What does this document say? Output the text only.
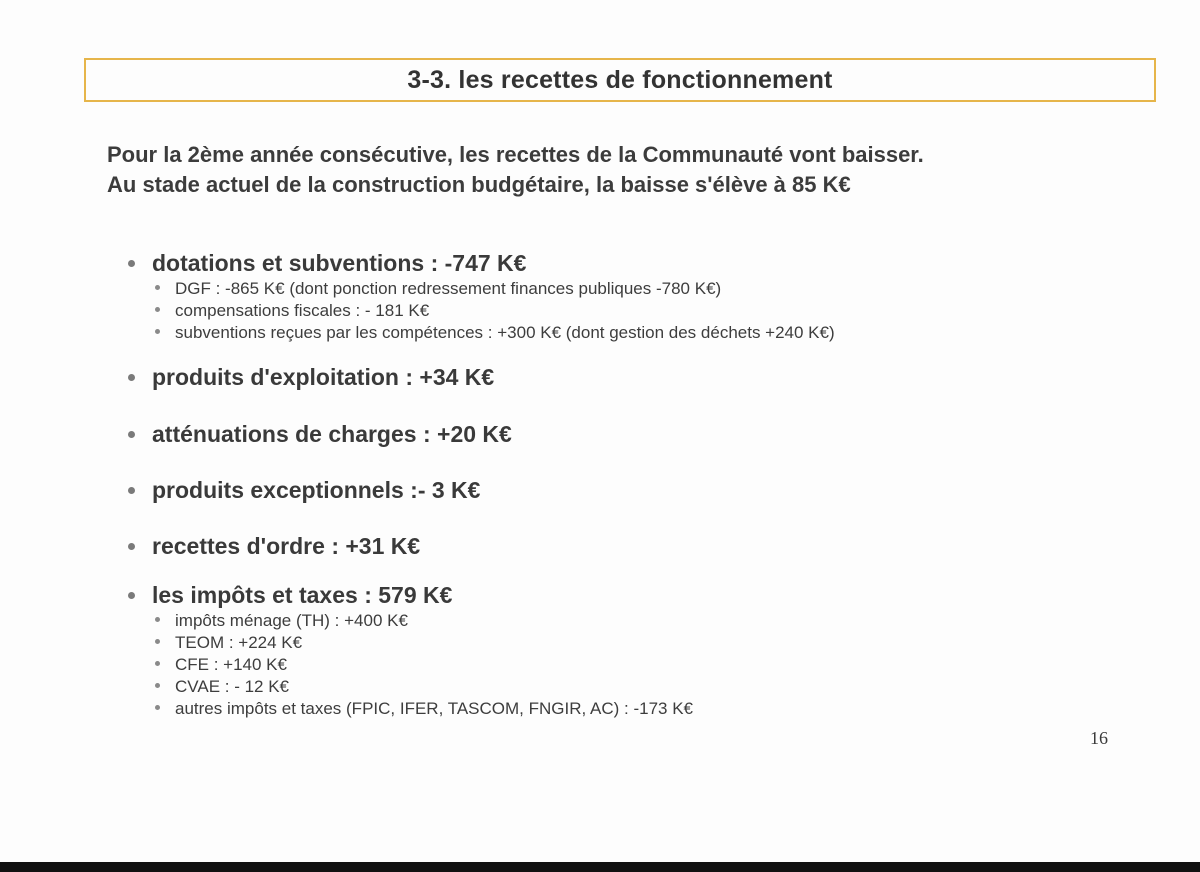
3-3. les recettes de fonctionnement
Pour la 2ème année consécutive, les recettes de la Communauté vont baisser.
Au stade actuel de la construction budgétaire, la baisse s'élève à 85 K€
dotations et subventions : -747 K€
DGF : -865 K€ (dont ponction redressement finances publiques -780 K€)
compensations fiscales : - 181 K€
subventions reçues par les compétences : +300 K€ (dont gestion des déchets +240 K€)
produits d'exploitation : +34 K€
atténuations de charges : +20 K€
produits exceptionnels :- 3 K€
recettes d'ordre : +31 K€
les impôts et taxes : 579 K€
impôts ménage (TH) : +400 K€
TEOM : +224 K€
CFE : +140 K€
CVAE : - 12 K€
autres impôts et taxes (FPIC, IFER, TASCOM, FNGIR, AC) : -173 K€
16
